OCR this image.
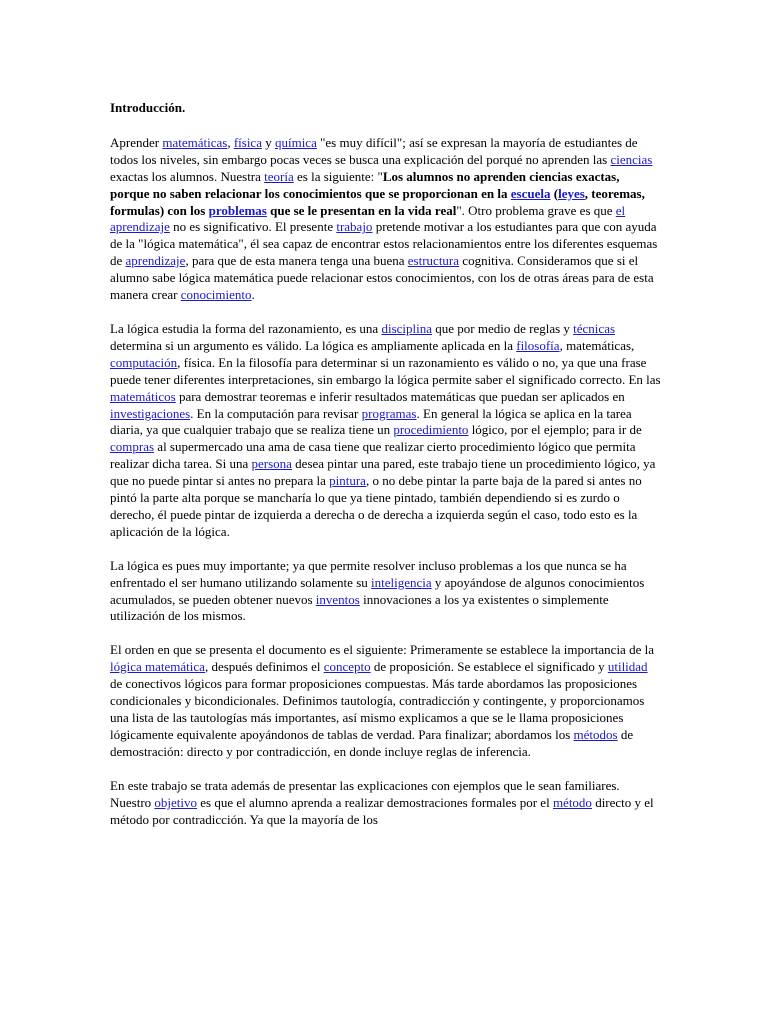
Introducción.

Aprender matemáticas, física y química "es muy difícil"; así se expresan la mayoría de estudiantes de todos los niveles, sin embargo pocas veces se busca una explicación del porqué no aprenden las ciencias exactas los alumnos. Nuestra teoría es la siguiente: "Los alumnos no aprenden ciencias exactas, porque no saben relacionar los conocimientos que se proporcionan en la escuela (leyes, teoremas, formulas) con los problemas que se le presentan en la vida real". Otro problema grave es que el aprendizaje no es significativo. El presente trabajo pretende motivar a los estudiantes para que con ayuda de la "lógica matemática", él sea capaz de encontrar estos relacionamientos entre los diferentes esquemas de aprendizaje, para que de esta manera tenga una buena estructura cognitiva. Consideramos que si el alumno sabe lógica matemática puede relacionar estos conocimientos, con los de otras áreas para de esta manera crear conocimiento.

La lógica estudia la forma del razonamiento, es una disciplina que por medio de reglas y técnicas determina si un argumento es válido. La lógica es ampliamente aplicada en la filosofía, matemáticas, computación, física. En la filosofía para determinar si un razonamiento es válido o no, ya que una frase puede tener diferentes interpretaciones, sin embargo la lógica permite saber el significado correcto. En las matemáticos para demostrar teoremas e inferir resultados matemáticas que puedan ser aplicados en investigaciones. En la computación para revisar programas. En general la lógica se aplica en la tarea diaria, ya que cualquier trabajo que se realiza tiene un procedimiento lógico, por el ejemplo; para ir de compras al supermercado una ama de casa tiene que realizar cierto procedimiento lógico que permita realizar dicha tarea. Si una persona desea pintar una pared, este trabajo tiene un procedimiento lógico, ya que no puede pintar si antes no prepara la pintura, o no debe pintar la parte baja de la pared si antes no pintó la parte alta porque se mancharía lo que ya tiene pintado, también dependiendo si es zurdo o derecho, él puede pintar de izquierda a derecha o de derecha a izquierda según el caso, todo esto es la aplicación de la lógica.

La lógica es pues muy importante; ya que permite resolver incluso problemas a los que nunca se ha enfrentado el ser humano utilizando solamente su inteligencia y apoyándose de algunos conocimientos acumulados, se pueden obtener nuevos inventos innovaciones a los ya existentes o simplemente utilización de los mismos.

El orden en que se presenta el documento es el siguiente: Primeramente se establece la importancia de la lógica matemática, después definimos el concepto de proposición. Se establece el significado y utilidad de conectivos lógicos para formar proposiciones compuestas. Más tarde abordamos las proposiciones condicionales y bicondicionales. Definimos tautología, contradicción y contingente, y proporcionamos una lista de las tautologías más importantes, así mismo explicamos a que se le llama proposiciones lógicamente equivalente apoyándonos de tablas de verdad. Para finalizar; abordamos los métodos de demostración: directo y por contradicción, en donde incluye reglas de inferencia.

En este trabajo se trata además de presentar las explicaciones con ejemplos que le sean familiares. Nuestro objetivo es que el alumno aprenda a realizar demostraciones formales por el método directo y el método por contradicción. Ya que la mayoría de los
